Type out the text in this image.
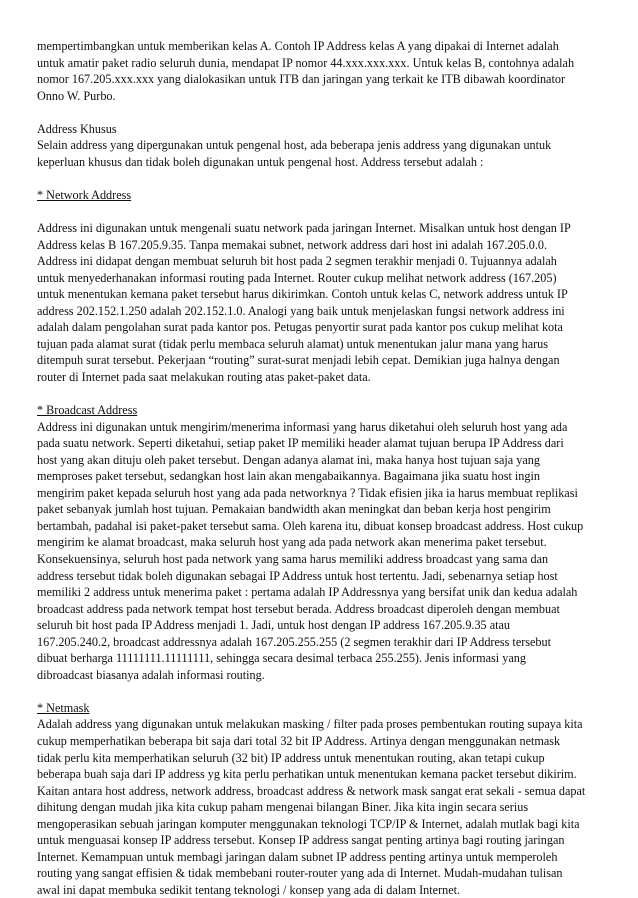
mempertimbangkan untuk memberikan kelas A. Contoh IP Address kelas A yang dipakai di Internet adalah
untuk amatir paket radio seluruh dunia, mendapat IP nomor 44.xxx.xxx.xxx. Untuk kelas B, contohnya adalah
nomor 167.205.xxx.xxx yang dialokasikan untuk ITB dan jaringan yang terkait ke ITB dibawah koordinator
Onno W. Purbo.
Address Khusus
Selain address yang dipergunakan untuk pengenal host, ada beberapa jenis address yang digunakan untuk
keperluan khusus dan tidak boleh digunakan untuk pengenal host. Address tersebut adalah :
* Network Address
Address ini digunakan untuk mengenali suatu network pada jaringan Internet. Misalkan untuk host dengan IP
Address kelas B 167.205.9.35. Tanpa memakai subnet, network address dari host ini adalah 167.205.0.0.
Address ini didapat dengan membuat seluruh bit host pada 2 segmen terakhir menjadi 0. Tujuannya adalah
untuk menyederhanakan informasi routing pada Internet. Router cukup melihat network address (167.205)
untuk menentukan kemana paket tersebut harus dikirimkan. Contoh untuk kelas C, network address untuk IP
address 202.152.1.250 adalah 202.152.1.0. Analogi yang baik untuk menjelaskan fungsi network address ini
adalah dalam pengolahan surat pada kantor pos. Petugas penyortir surat pada kantor pos cukup melihat kota
tujuan pada alamat surat (tidak perlu membaca seluruh alamat) untuk menentukan jalur mana yang harus
ditempuh surat tersebut. Pekerjaan “routing” surat-surat menjadi lebih cepat. Demikian juga halnya dengan
router di Internet pada saat melakukan routing atas paket-paket data.
* Broadcast Address
Address ini digunakan untuk mengirim/menerima informasi yang harus diketahui oleh seluruh host yang ada
pada suatu network. Seperti diketahui, setiap paket IP memiliki header alamat tujuan berupa IP Address dari
host yang akan dituju oleh paket tersebut. Dengan adanya alamat ini, maka hanya host tujuan saja yang
memproses paket tersebut, sedangkan host lain akan mengabaikannya. Bagaimana jika suatu host ingin
mengirim paket kepada seluruh host yang ada pada networknya ? Tidak efisien jika ia harus membuat replikasi
paket sebanyak jumlah host tujuan. Pemakaian bandwidth akan meningkat dan beban kerja host pengirim
bertambah, padahal isi paket-paket tersebut sama. Oleh karena itu, dibuat konsep broadcast address. Host cukup
mengirim ke alamat broadcast, maka seluruh host yang ada pada network akan menerima paket tersebut.
Konsekuensinya, seluruh host pada network yang sama harus memiliki address broadcast yang sama dan
address tersebut tidak boleh digunakan sebagai IP Address untuk host tertentu. Jadi, sebenarnya setiap host
memiliki 2 address untuk menerima paket : pertama adalah IP Addressnya yang bersifat unik dan kedua adalah
broadcast address pada network tempat host tersebut berada. Address broadcast diperoleh dengan membuat
seluruh bit host pada IP Address menjadi 1. Jadi, untuk host dengan IP address 167.205.9.35 atau
167.205.240.2, broadcast addressnya adalah 167.205.255.255 (2 segmen terakhir dari IP Address tersebut
dibuat berharga 11111111.11111111, sehingga secara desimal terbaca 255.255). Jenis informasi yang
dibroadcast biasanya adalah informasi routing.
* Netmask
Adalah address yang digunakan untuk melakukan masking / filter pada proses pembentukan routing supaya kita
cukup memperhatikan beberapa bit saja dari total 32 bit IP Address. Artinya dengan menggunakan netmask
tidak perlu kita memperhatikan seluruh (32 bit) IP address untuk menentukan routing, akan tetapi cukup
beberapa buah saja dari IP address yg kita perlu perhatikan untuk menentukan kemana packet tersebut dikirim.
Kaitan antara host address, network address, broadcast address & network mask sangat erat sekali - semua dapat
dihitung dengan mudah jika kita cukup paham mengenai bilangan Biner. Jika kita ingin secara serius
mengoperasikan sebuah jaringan komputer menggunakan teknologi TCP/IP & Internet, adalah mutlak bagi kita
untuk menguasai konsep IP address tersebut. Konsep IP address sangat penting artinya bagi routing jaringan
Internet. Kemampuan untuk membagi jaringan dalam subnet IP address penting artinya untuk memperoleh
routing yang sangat effisien & tidak membebani router-router yang ada di Internet. Mudah-mudahan tulisan
awal ini dapat membuka sedikit tentang teknologi / konsep yang ada di dalam Internet.
